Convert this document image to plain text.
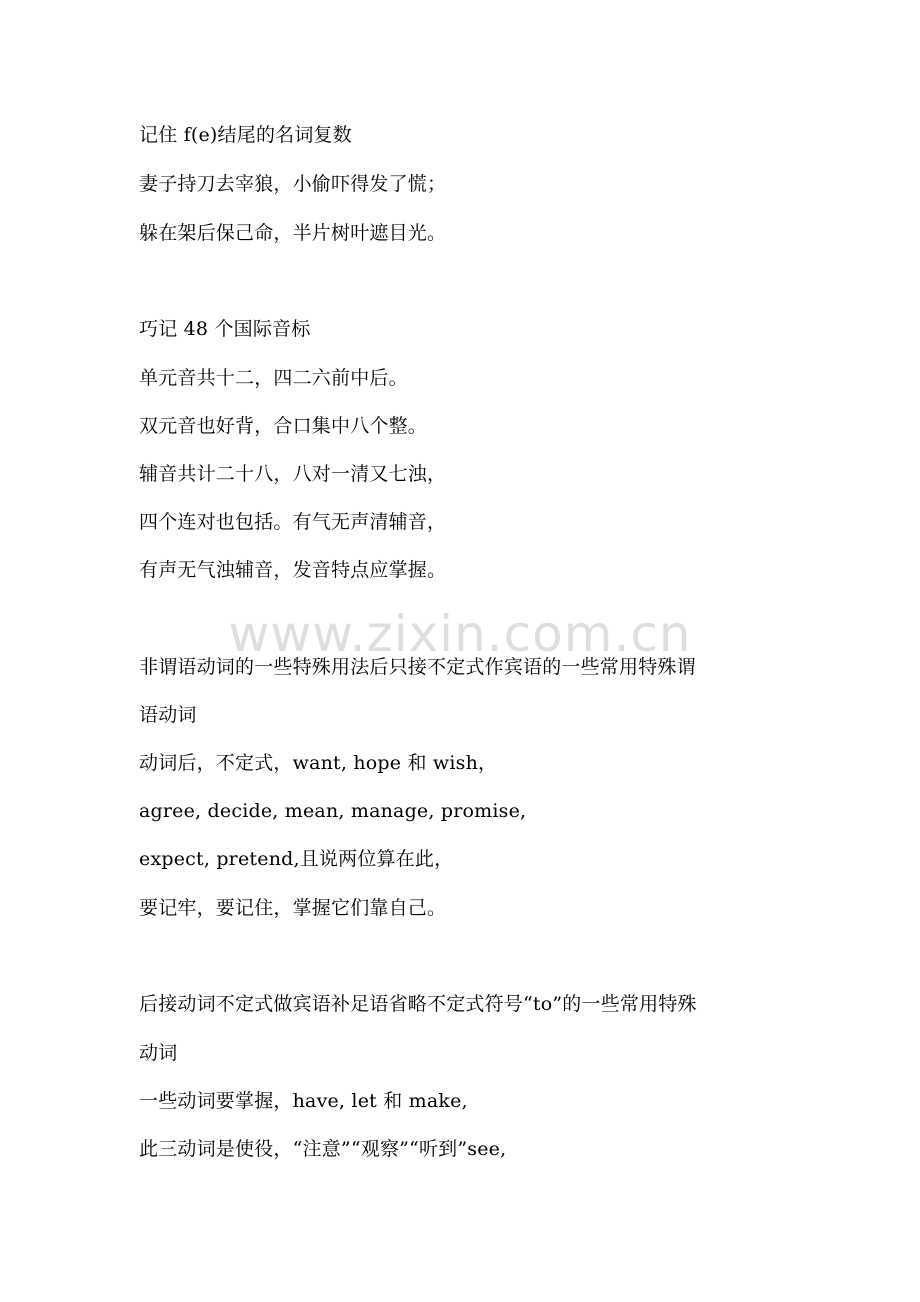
www.zixin.com.cn
记住 f(e)结尾的名词复数
妻子持刀去宰狼，小偷吓得发了慌；
躲在架后保己命，半片树叶遮目光。
巧记 48 个国际音标
单元音共十二，四二六前中后。
双元音也好背，合口集中八个整。
辅音共计二十八，八对一清又七浊，
四个连对也包括。有气无声清辅音，
有声无气浊辅音，发音特点应掌握。
非谓语动词的一些特殊用法后只接不定式作宾语的一些常用特殊谓
语动词
动词后，不定式，want, hope 和 wish，
agree, decide, mean, manage, promise,
expect, pretend,且说两位算在此，
要记牢，要记住，掌握它们靠自己。
后接动词不定式做宾语补足语省略不定式符号“to”的一些常用特殊
动词
一些动词要掌握，have, let 和 make,
此三动词是使役，“注意”“观察”“听到”see,
